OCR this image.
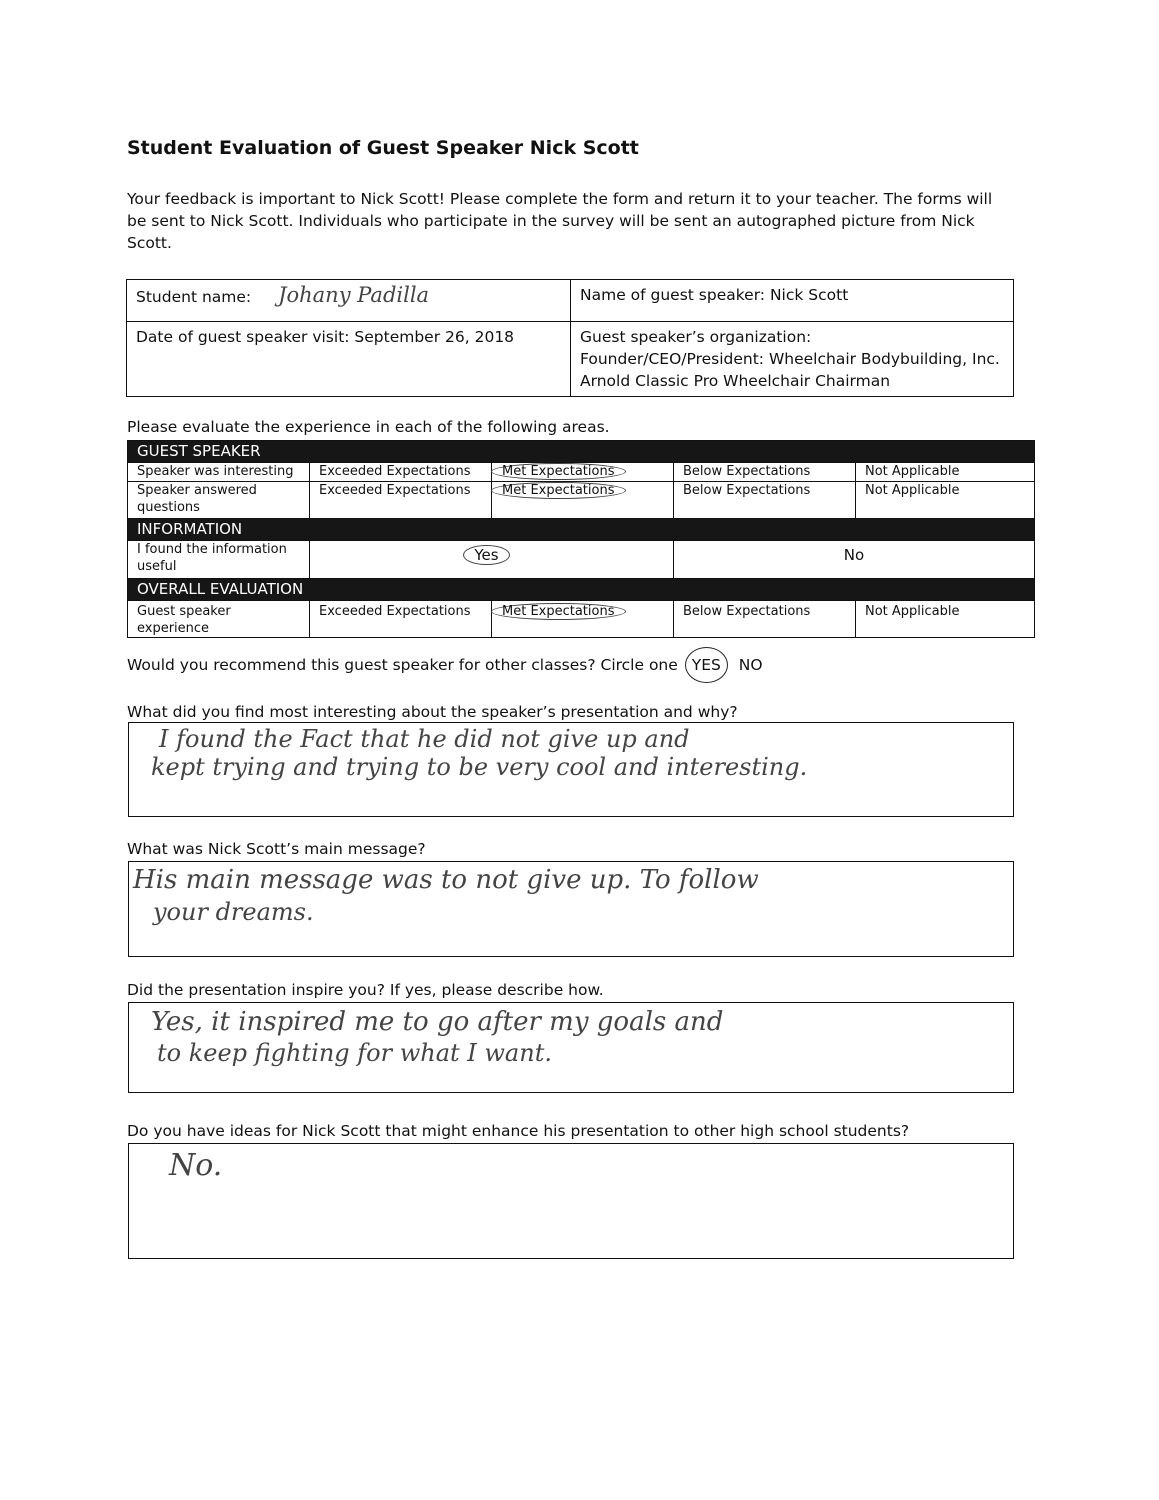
Student Evaluation of Guest Speaker Nick Scott
Your feedback is important to Nick Scott! Please complete the form and return it to your teacher. The forms will be sent to Nick Scott. Individuals who participate in the survey will be sent an autographed picture from Nick Scott.
Student name: Johany Padilla	Name of guest speaker: Nick Scott
Date of guest speaker visit: September 26, 2018	Guest speaker’s organization:
Founder/CEO/President: Wheelchair Bodybuilding, Inc.
Arnold Classic Pro Wheelchair Chairman
Please evaluate the experience in each of the following areas.
GUEST SPEAKER				
Speaker was interesting	Exceeded Expectations	Met Expectations	Below Expectations	Not Applicable
Speaker answered questions	Exceeded Expectations	Met Expectations	Below Expectations	Not Applicable
INFORMATION				
I found the information useful	Yes		No	
OVERALL EVALUATION				
Guest speaker experience	Exceeded Expectations	Met Expectations	Below Expectations	Not Applicable
Would you recommend this guest speaker for other classes? Circle one YES NO
What did you find most interesting about the speaker’s presentation and why?
I found the Fact that he did not give up and
kept trying and trying to be very cool and interesting.
What was Nick Scott’s main message?
His main message was to not give up. To follow
your dreams.
Did the presentation inspire you? If yes, please describe how.
Yes, it inspired me to go after my goals and
to keep fighting for what I want.
Do you have ideas for Nick Scott that might enhance his presentation to other high school students?
No.
